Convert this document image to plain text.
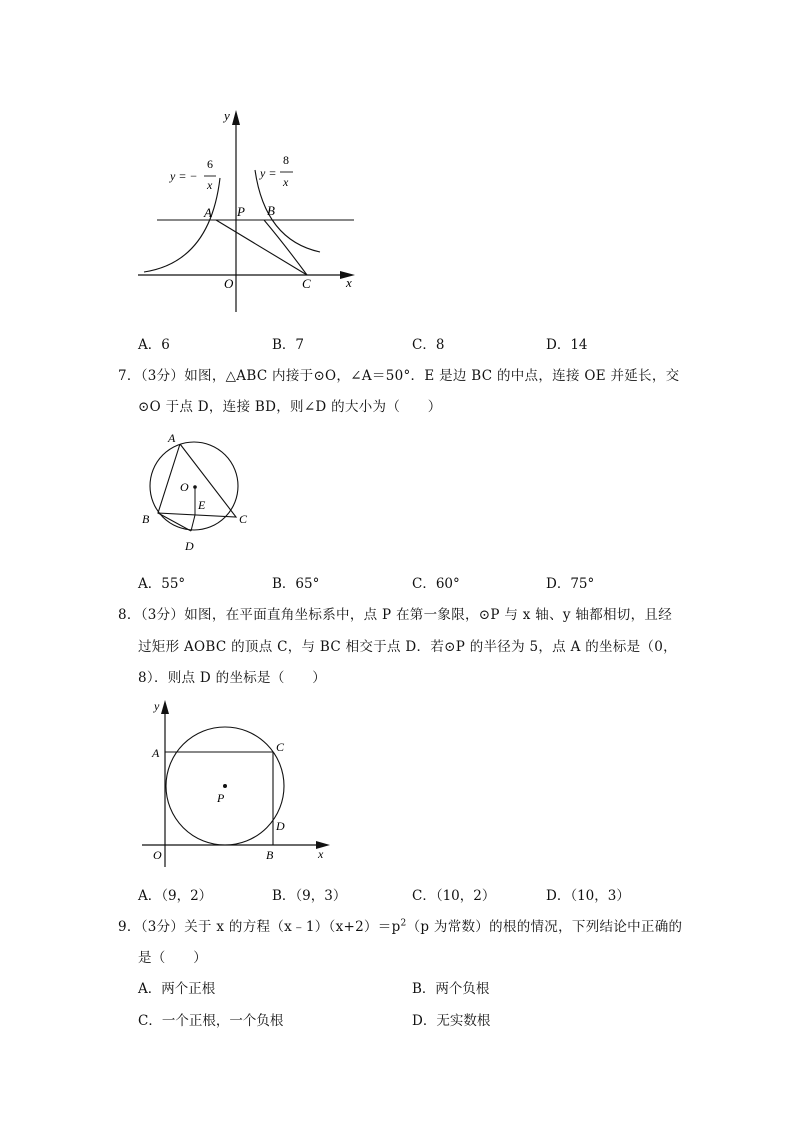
y
x
O
A P B
C
y = −
6
x
y =
8
x
A．6	B．7	C．8	D．14
7．（3分）如图，△ABC 内接于⊙O，∠A＝50°．E 是边 BC 的中点，连接 OE 并延长，交
⊙O 于点 D，连接 BD，则∠D 的大小为（　　）
A
O
E
B	C
D
A．55°	B．65°	C．60°	D．75°
8．（3分）如图，在平面直角坐标系中，点 P 在第一象限，⊙P 与 x 轴、y 轴都相切，且经
过矩形 AOBC 的顶点 C，与 BC 相交于点 D．若⊙P 的半径为 5，点 A 的坐标是（0，
8）．则点 D 的坐标是（　　）
y
x
A	C
P
D
O	B
A．（9，2）	B．（9，3）	C．（10，2）	D．（10，3）
9．（3分）关于 x 的方程$(x﹣1)(x+2)=p^2(p$ 为常数）的根的情况，下列结论中正确的
是（　　）
A．两个正根	B．两个负根
C．一个正根，一个负根	D．无实数根
